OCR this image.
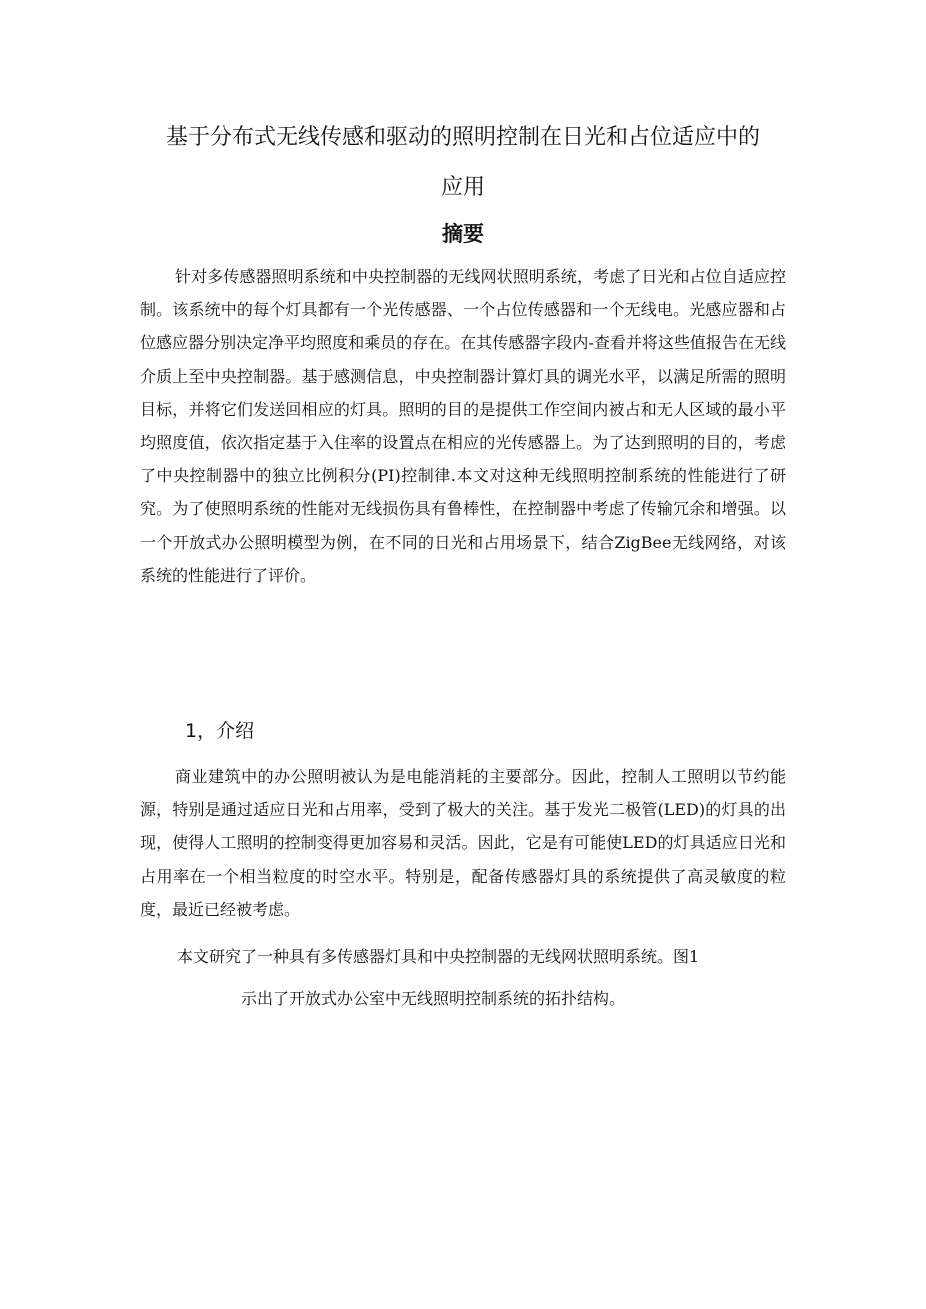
基于分布式无线传感和驱动的照明控制在日光和占位适应中的
应用
摘要

针对多传感器照明系统和中央控制器的无线网状照明系统，考虑了日光和占位自适应控制。该系统中的每个灯具都有一个光传感器、一个占位传感器和一个无线电。光感应器和占位感应器分别决定净平均照度和乘员的存在。在其传感器字段内-查看并将这些值报告在无线介质上至中央控制器。基于感测信息，中央控制器计算灯具的调光水平，以满足所需的照明目标，并将它们发送回相应的灯具。照明的目的是提供工作空间内被占和无人区域的最小平均照度值，依次指定基于入住率的设置点在相应的光传感器上。为了达到照明的目的，考虑了中央控制器中的独立比例积分(PI)控制律.本文对这种无线照明控制系统的性能进行了研究。为了使照明系统的性能对无线损伤具有鲁棒性，在控制器中考虑了传输冗余和增强。以一个开放式办公照明模型为例，在不同的日光和占用场景下，结合ZigBee无线网络，对该系统的性能进行了评价。

1，介绍

商业建筑中的办公照明被认为是电能消耗的主要部分。因此，控制人工照明以节约能源，特别是通过适应日光和占用率，受到了极大的关注。基于发光二极管(LED)的灯具的出现，使得人工照明的控制变得更加容易和灵活。因此，它是有可能使LED的灯具适应日光和占用率在一个相当粒度的时空水平。特别是，配备传感器灯具的系统提供了高灵敏度的粒度，最近已经被考虑。

本文研究了一种具有多传感器灯具和中央控制器的无线网状照明系统。图1

示出了开放式办公室中无线照明控制系统的拓扑结构。
